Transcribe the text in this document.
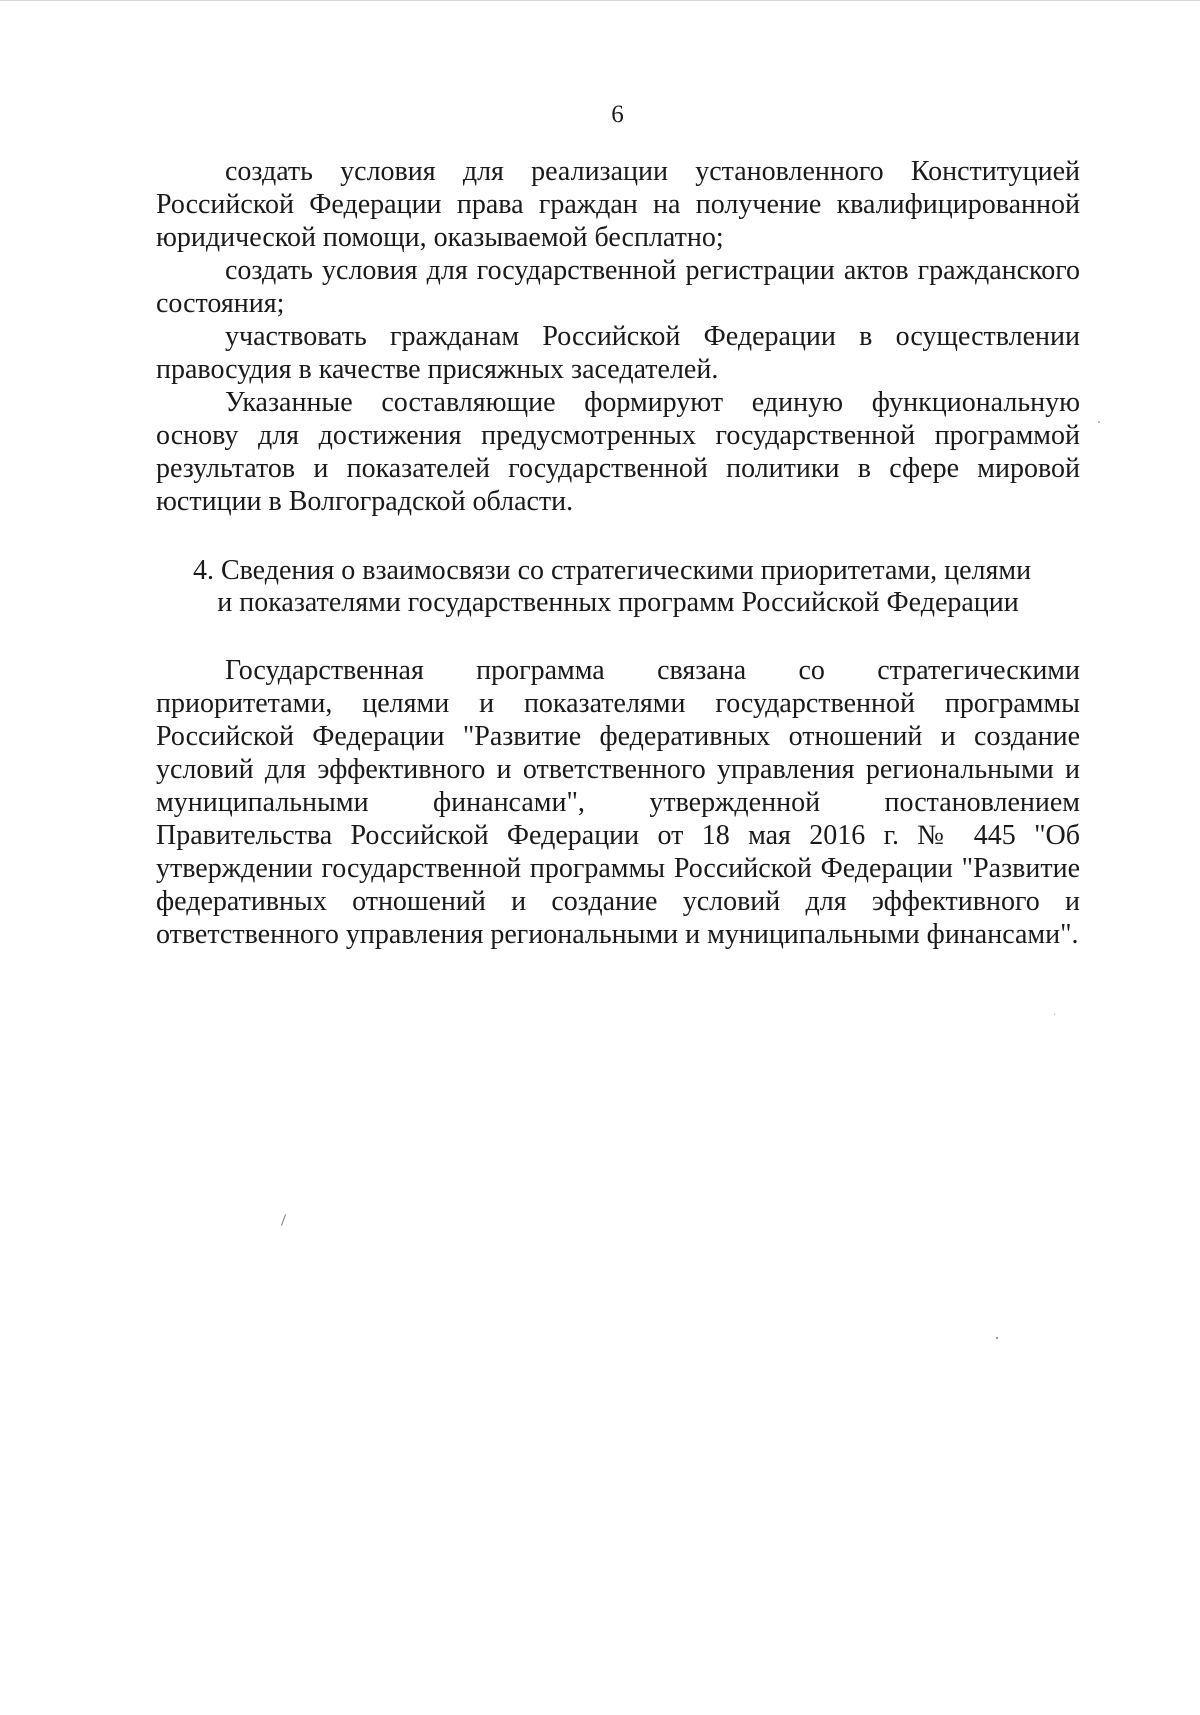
6

создать условия для реализации установленного Конституцией Российской Федерации права граждан на получение квалифицированной юридической помощи, оказываемой бесплатно;

создать условия для государственной регистрации актов гражданского состояния;

участвовать гражданам Российской Федерации в осуществлении правосудия в качестве присяжных заседателей.

Указанные составляющие формируют единую функциональную основу для достижения предусмотренных государственной программой результатов и показателей государственной политики в сфере мировой юстиции в Волгоградской области.

4. Сведения о взаимосвязи со стратегическими приоритетами, целями
и показателями государственных программ Российской Федерации

Государственная программа связана со стратегическими приоритетами, целями и показателями государственной программы Российской Федерации "Развитие федеративных отношений и создание условий для эффективного и ответственного управления региональными и муниципальными финансами", утвержденной постановлением Правительства Российской Федерации от 18 мая 2016 г. № 445 "Об утверждении государственной программы Российской Федерации "Развитие федеративных отношений и создание условий для эффективного и ответственного управления региональными и муниципальными финансами".
